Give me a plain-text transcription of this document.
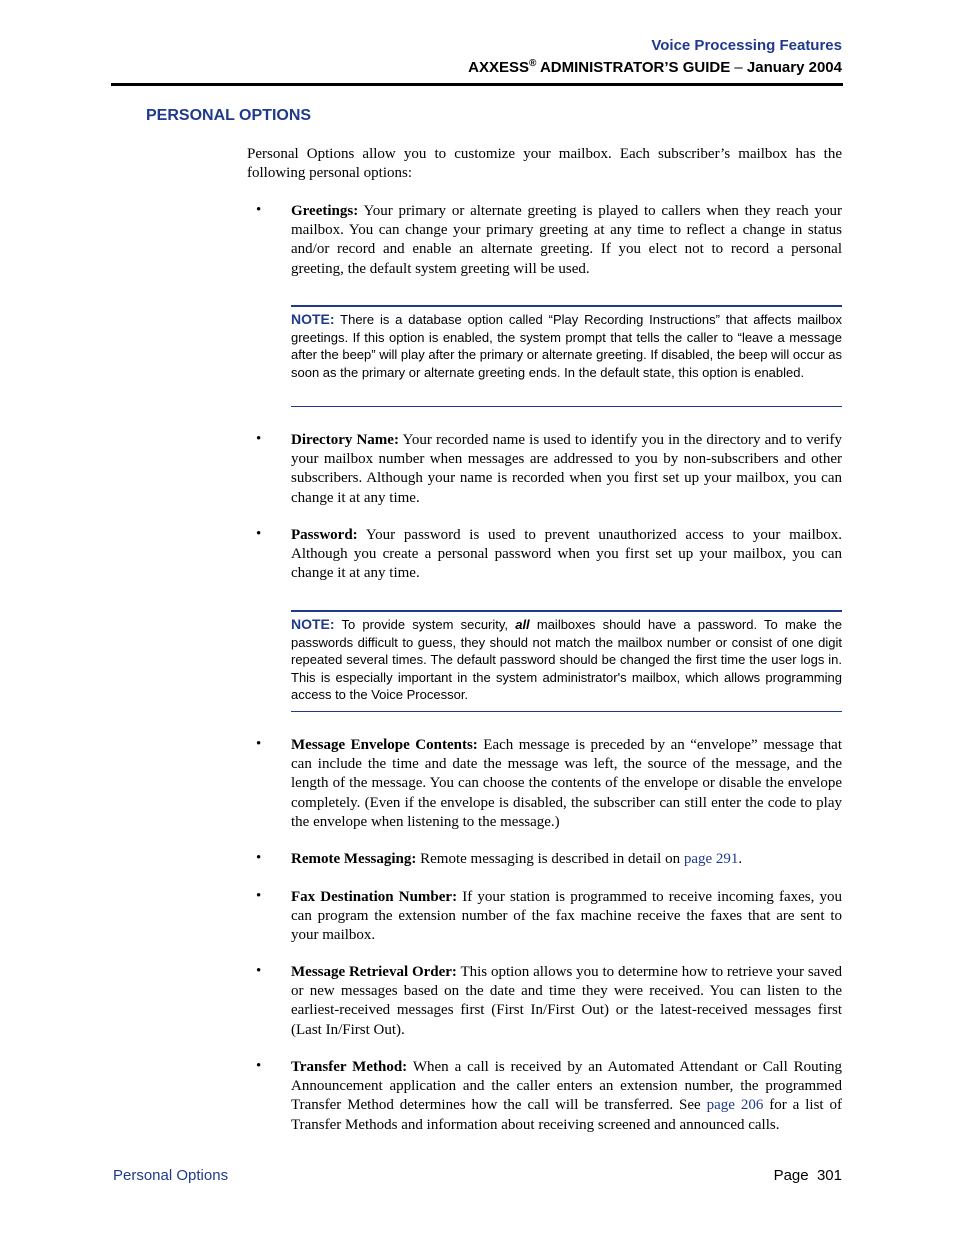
Voice Processing Features
AXXESS® ADMINISTRATOR’S GUIDE – January 2004
PERSONAL OPTIONS
Personal Options allow you to customize your mailbox. Each subscriber’s mailbox has the following personal options:
• Greetings: Your primary or alternate greeting is played to callers when they reach your mailbox. You can change your primary greeting at any time to reflect a change in status and/or record and enable an alternate greeting. If you elect not to record a personal greeting, the default system greeting will be used.
NOTE: There is a database option called “Play Recording Instructions” that affects mailbox greetings. If this option is enabled, the system prompt that tells the caller to “leave a message after the beep” will play after the primary or alternate greeting. If disabled, the beep will occur as soon as the primary or alternate greeting ends. In the default state, this option is enabled.
• Directory Name: Your recorded name is used to identify you in the directory and to verify your mailbox number when messages are addressed to you by non-subscribers and other subscribers. Although your name is recorded when you first set up your mailbox, you can change it at any time.
• Password: Your password is used to prevent unauthorized access to your mailbox. Although you create a personal password when you first set up your mailbox, you can change it at any time.
NOTE: To provide system security, all mailboxes should have a password. To make the passwords difficult to guess, they should not match the mailbox number or consist of one digit repeated several times. The default password should be changed the first time the user logs in. This is especially important in the system administrator's mailbox, which allows programming access to the Voice Processor.
• Message Envelope Contents: Each message is preceded by an “envelope” message that can include the time and date the message was left, the source of the message, and the length of the message. You can choose the contents of the envelope or disable the envelope completely. (Even if the envelope is disabled, the subscriber can still enter the code to play the envelope when listening to the message.)
• Remote Messaging: Remote messaging is described in detail on page 291.
• Fax Destination Number: If your station is programmed to receive incoming faxes, you can program the extension number of the fax machine receive the faxes that are sent to your mailbox.
• Message Retrieval Order: This option allows you to determine how to retrieve your saved or new messages based on the date and time they were received. You can listen to the earliest-received messages first (First In/First Out) or the latest-received messages first (Last In/First Out).
• Transfer Method: When a call is received by an Automated Attendant or Call Routing Announcement application and the caller enters an extension number, the programmed Transfer Method determines how the call will be transferred. See page 206 for a list of Transfer Methods and information about receiving screened and announced calls.
Personal Options	Page 301
